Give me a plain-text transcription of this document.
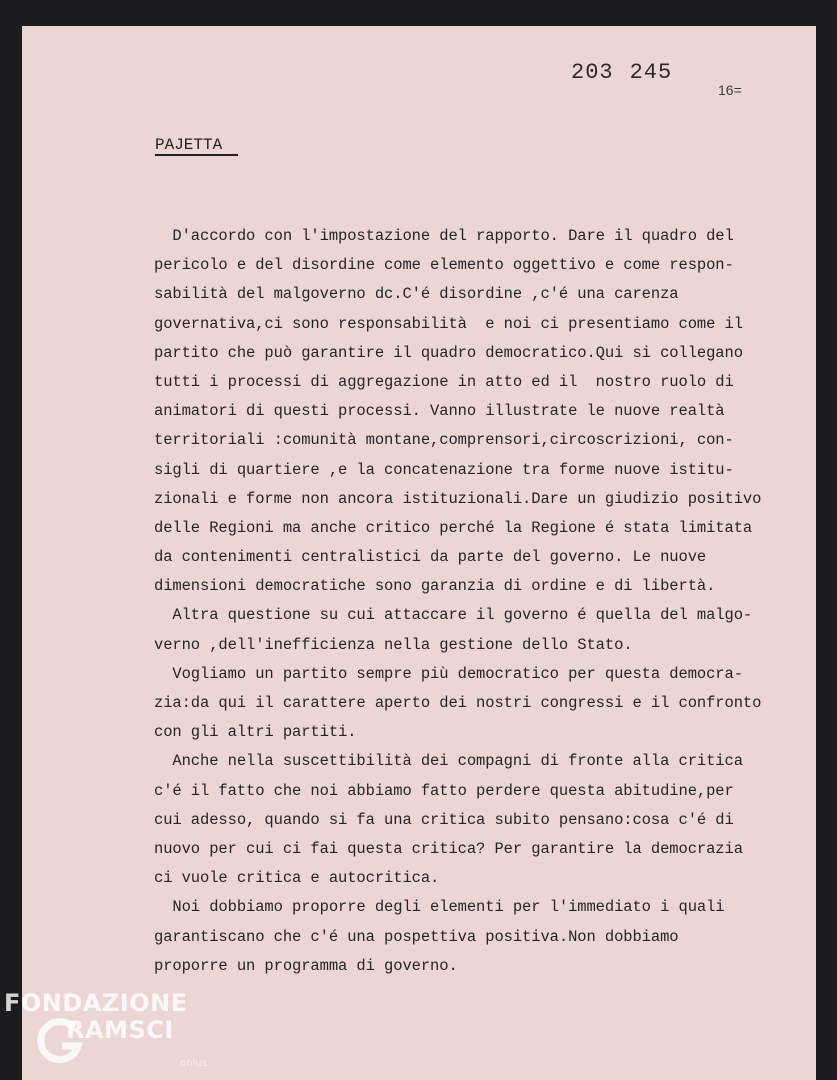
203 245
16=
PAJETTA
D'accordo con l'impostazione del rapporto. Dare il quadro del
pericolo e del disordine come elemento oggettivo e come respon-
sabilità del malgoverno dc.C'é disordine ,c'é una carenza
governativa,ci sono responsabilità  e noi ci presentiamo come il
partito che può garantire il quadro democratico.Qui si collegano
tutti i processi di aggregazione in atto ed il  nostro ruolo di
animatori di questi processi. Vanno illustrate le nuove realtà
territoriali :comunità montane,comprensori,circoscrizioni, con-
sigli di quartiere ,e la concatenazione tra forme nuove istitu-
zionali e forme non ancora istituzionali.Dare un giudizio positivo
delle Regioni ma anche critico perché la Regione é stata limitata
da contenimenti centralistici da parte del governo. Le nuove
dimensioni democratiche sono garanzia di ordine e di libertà.
Altra questione su cui attaccare il governo é quella del malgo-
verno ,dell'inefficienza nella gestione dello Stato.
Vogliamo un partito sempre più democratico per questa democra-
zia:da qui il carattere aperto dei nostri congressi e il confronto
con gli altri partiti.
Anche nella suscettibilità dei compagni di fronte alla critica
c'é il fatto che noi abbiamo fatto perdere questa abitudine,per
cui adesso, quando si fa una critica subito pensano:cosa c'é di
nuovo per cui ci fai questa critica? Per garantire la democrazia
ci vuole critica e autocritica.
Noi dobbiamo proporre degli elementi per l'immediato i quali
garantiscano che c'é una pospettiva positiva.Non dobbiamo
proporre un programma di governo.
FONDAZIONE
RAMSCI
onlus
